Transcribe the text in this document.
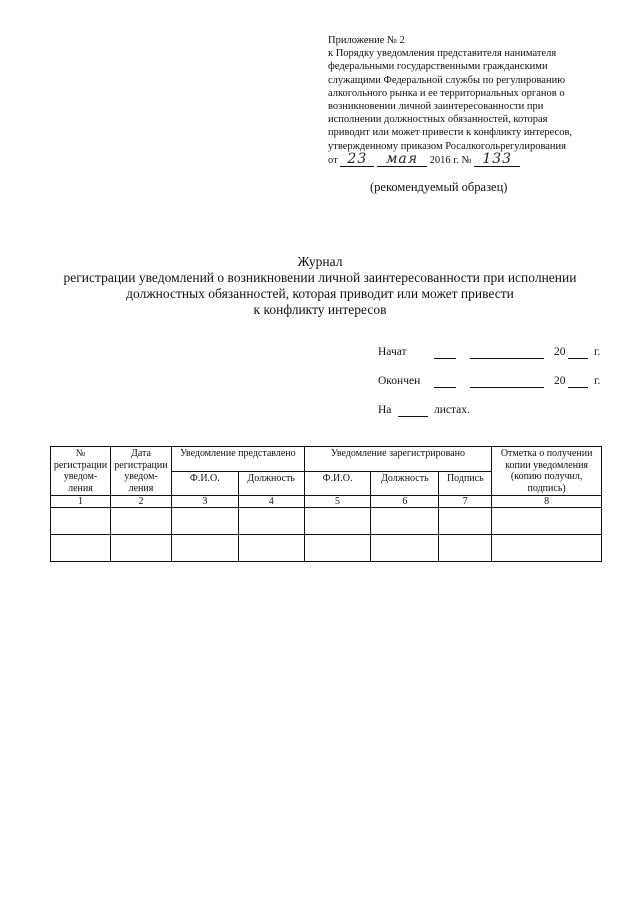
Приложение № 2
к Порядку уведомления представителя нанимателя
федеральными государственными гражданскими
служащими Федеральной службы по регулированию
алкогольного рынка и ее территориальных органов о
возникновении личной заинтересованности при
исполнении должностных обязанностей, которая
приводит или может привести к конфликту интересов,
утвержденному приказом Росалкогольрегулирования
от 23 мая 2016 г. № 133
(рекомендуемый образец)
Журнал
регистрации уведомлений о возникновении личной заинтересованности при исполнении
должностных обязанностей, которая приводит или может привести
к конфликту интересов
Начат	20 г.
Окончен	20 г.
На	листах.
№ регистрации уведом-ления	Дата регистрации уведом-ления	Уведомление представлено		Уведомление зарегистрировано			Отметка о получении копии уведомления (копию получил, подпись)
		Ф.И.О.	Должность	Ф.И.О.	Должность	Подпись	
1	2	3	4	5	6	7	8
